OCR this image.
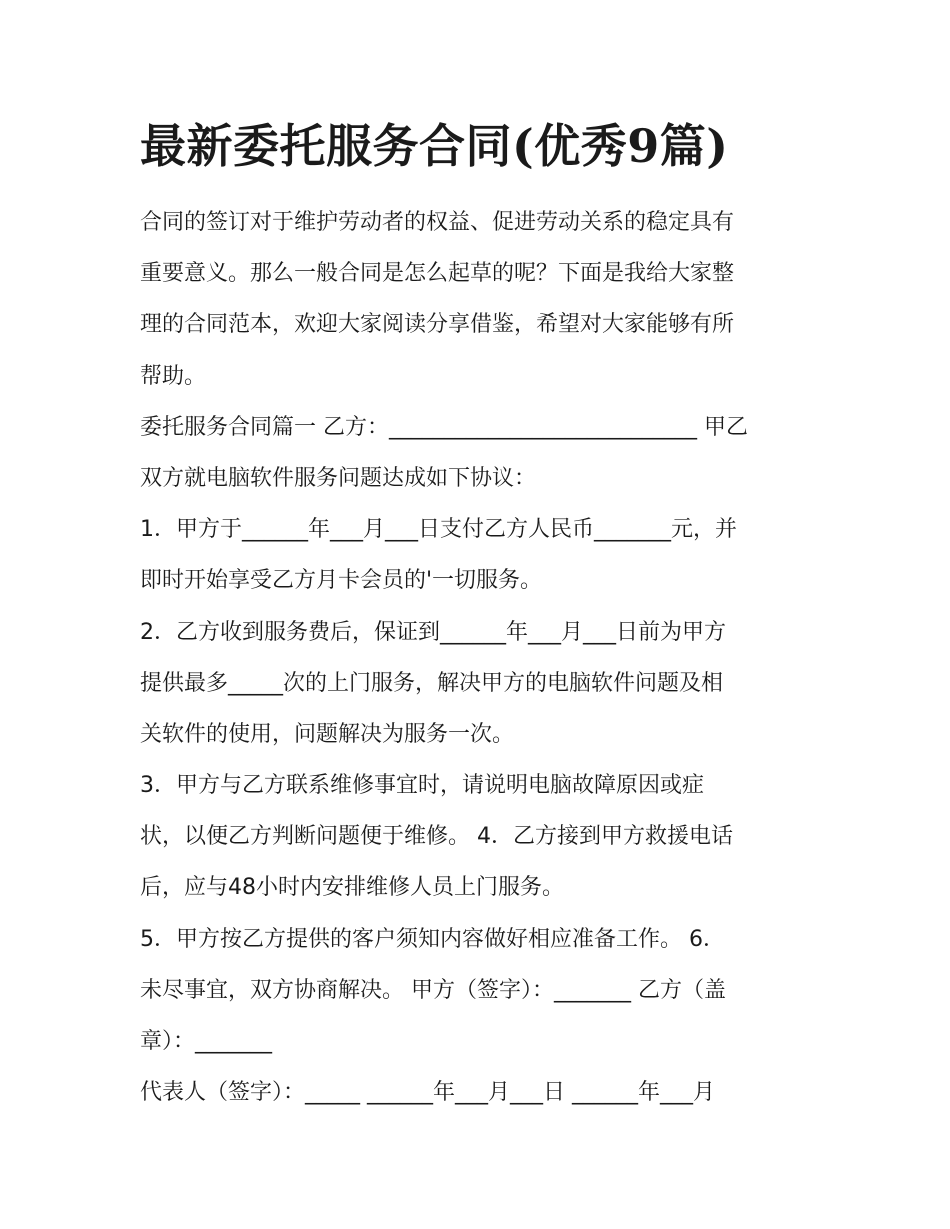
最新委托服务合同(优秀9篇)
合同的签订对于维护劳动者的权益、促进劳动关系的稳定具有
重要意义。那么一般合同是怎么起草的呢？下面是我给大家整
理的合同范本，欢迎大家阅读分享借鉴，希望对大家能够有所
帮助。
委托服务合同篇一 乙方：____________________________ 甲乙
双方就电脑软件服务问题达成如下协议：
1．甲方于______年___月___日支付乙方人民币_______元，并
即时开始享受乙方月卡会员的'一切服务。
2．乙方收到服务费后，保证到______年___月___日前为甲方
提供最多_____次的上门服务，解决甲方的电脑软件问题及相
关软件的使用，问题解决为服务一次。
3．甲方与乙方联系维修事宜时，请说明电脑故障原因或症
状，以便乙方判断问题便于维修。 4．乙方接到甲方救援电话
后，应与48小时内安排维修人员上门服务。
5．甲方按乙方提供的客户须知内容做好相应准备工作。 6．
未尽事宜，双方协商解决。 甲方（签字）：_______ 乙方（盖
章）：_______
代表人（签字）：_____ ______年___月___日 ______年___月
